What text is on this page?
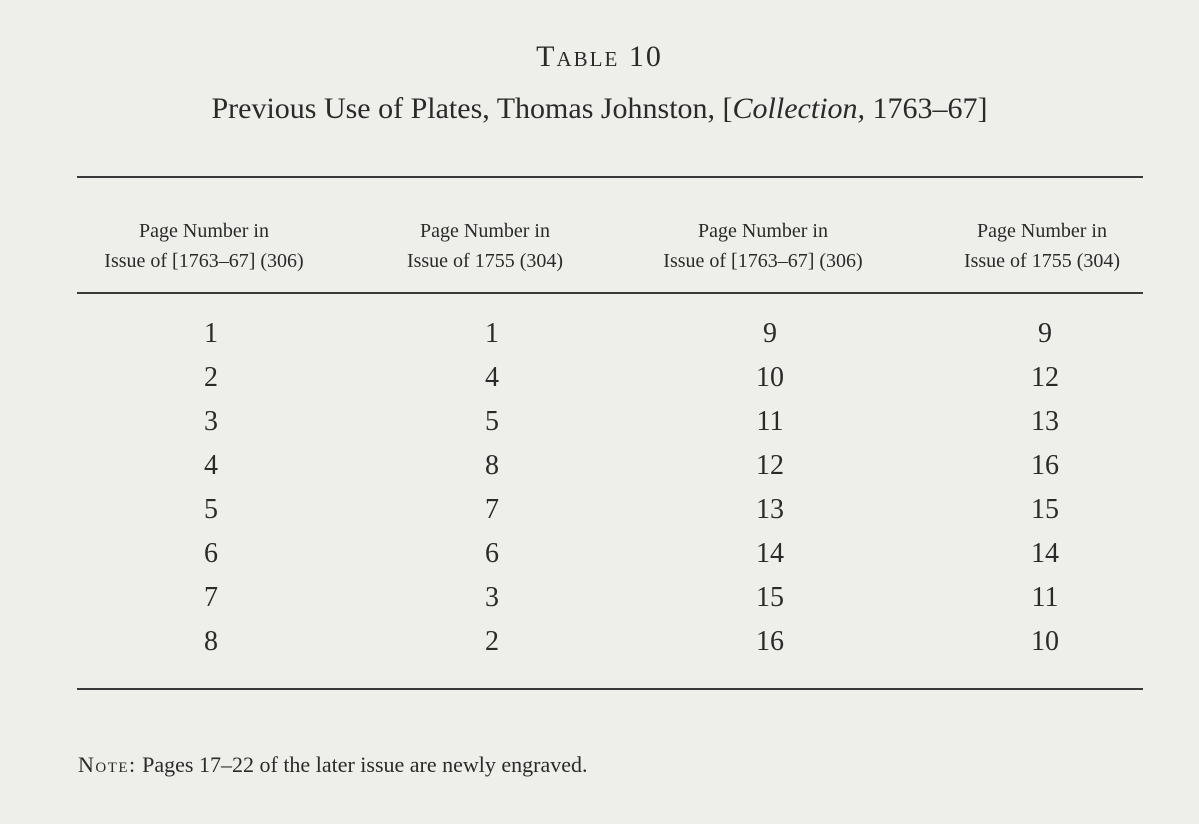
Table 10
Previous Use of Plates, Thomas Johnston, [Collection, 1763–67]
Page Number in
Issue of [1763–67] (306)
Page Number in
Issue of 1755 (304)
Page Number in
Issue of [1763–67] (306)
Page Number in
Issue of 1755 (304)
1	1	9	9
2	4	10	12
3	5	11	13
4	8	12	16
5	7	13	15
6	6	14	14
7	3	15	11
8	2	16	10
Note: Pages 17–22 of the later issue are newly engraved.
